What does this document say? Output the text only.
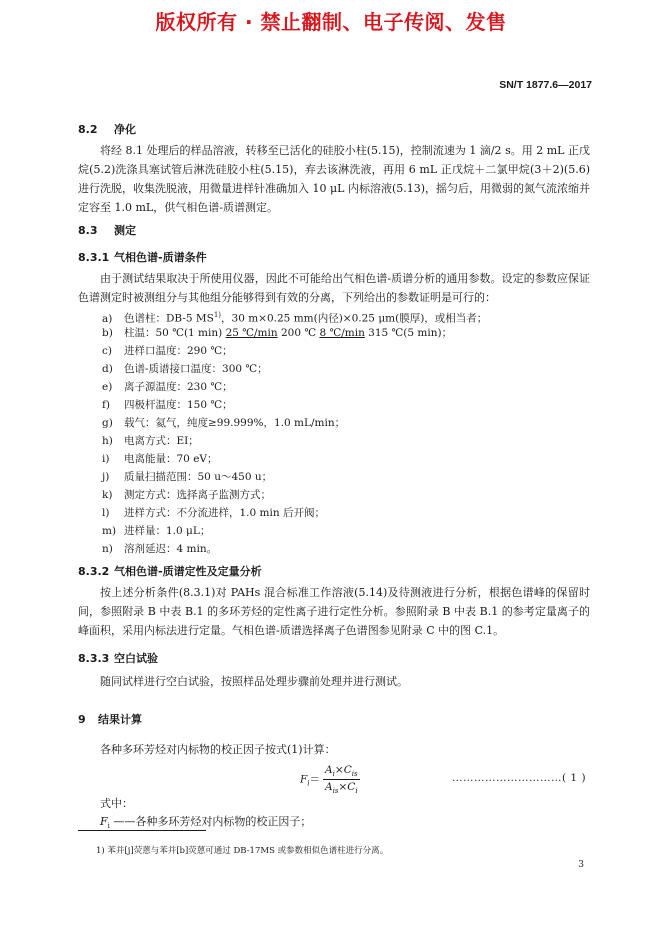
版权所有 · 禁止翻制、电子传阅、发售
SN/T 1877.6—2017
8.2 净化

将经 8.1 处理后的样品溶液，转移至已活化的硅胶小柱(5.15)，控制流速为 1 滴/2 s。用 2 mL 正戊烷(5.2)洗涤具塞试管后淋洗硅胶小柱(5.15)，弃去该淋洗液，再用 6 mL 正戊烷＋二氯甲烷(3＋2)(5.6)进行洗脱，收集洗脱液，用微量进样针准确加入 10 μL 内标溶液(5.13)，摇匀后，用微弱的氮气流浓缩并定容至 1.0 mL，供气相色谱-质谱测定。

8.3 测定
8.3.1 气相色谱-质谱条件

由于测试结果取决于所使用仪器，因此不可能给出气相色谱-质谱分析的通用参数。设定的参数应保证色谱测定时被测组分与其他组分能够得到有效的分离，下列给出的参数证明是可行的：

a) 色谱柱：DB-5 MS$^{1)}$，30 m×0.25 mm(内径)×0.25 μm(膜厚)，或相当者；
b) 柱温：50 ℃(1 min) 25 ℃/min 200 ℃ 8 ℃/min 315 ℃(5 min)；
c) 进样口温度：290 ℃；
d) 色谱-质谱接口温度：300 ℃；
e) 离子源温度：230 ℃；
f) 四极杆温度：150 ℃；
g) 载气：氦气，纯度≥99.999%，1.0 mL/min；
h) 电离方式：EI；
i) 电离能量：70 eV；
j) 质量扫描范围：50 u～450 u；
k) 测定方式：选择离子监测方式；
l) 进样方式：不分流进样，1.0 min 后开阀；
m) 进样量：1.0 μL；
n) 溶剂延迟：4 min。
8.3.2 气相色谱-质谱定性及定量分析

按上述分析条件(8.3.1)对 PAHs 混合标准工作溶液(5.14)及待测液进行分析，根据色谱峰的保留时间，参照附录 B 中表 B.1 的多环芳烃的定性离子进行定性分析。参照附录 B 中表 B.1 的参考定量离子的峰面积，采用内标法进行定量。气相色谱-质谱选择离子色谱图参见附录 C 中的图 C.1。

8.3.3 空白试验

随同试样进行空白试验，按照样品处理步骤前处理并进行测试。

9 结果计算

各种多环芳烃对内标物的校正因子按式(1)计算：

$F_i= \frac{A_i\times C_{is}}{A_{is}\times C_i}$	…………………………( 1 )
式中：
$F_i$ ——各种多环芳烃对内标物的校正因子；
1) 苯并[j]荧蒽与苯并[b]荧蒽可通过 DB-17MS 或参数相似色谱柱进行分离。
3
